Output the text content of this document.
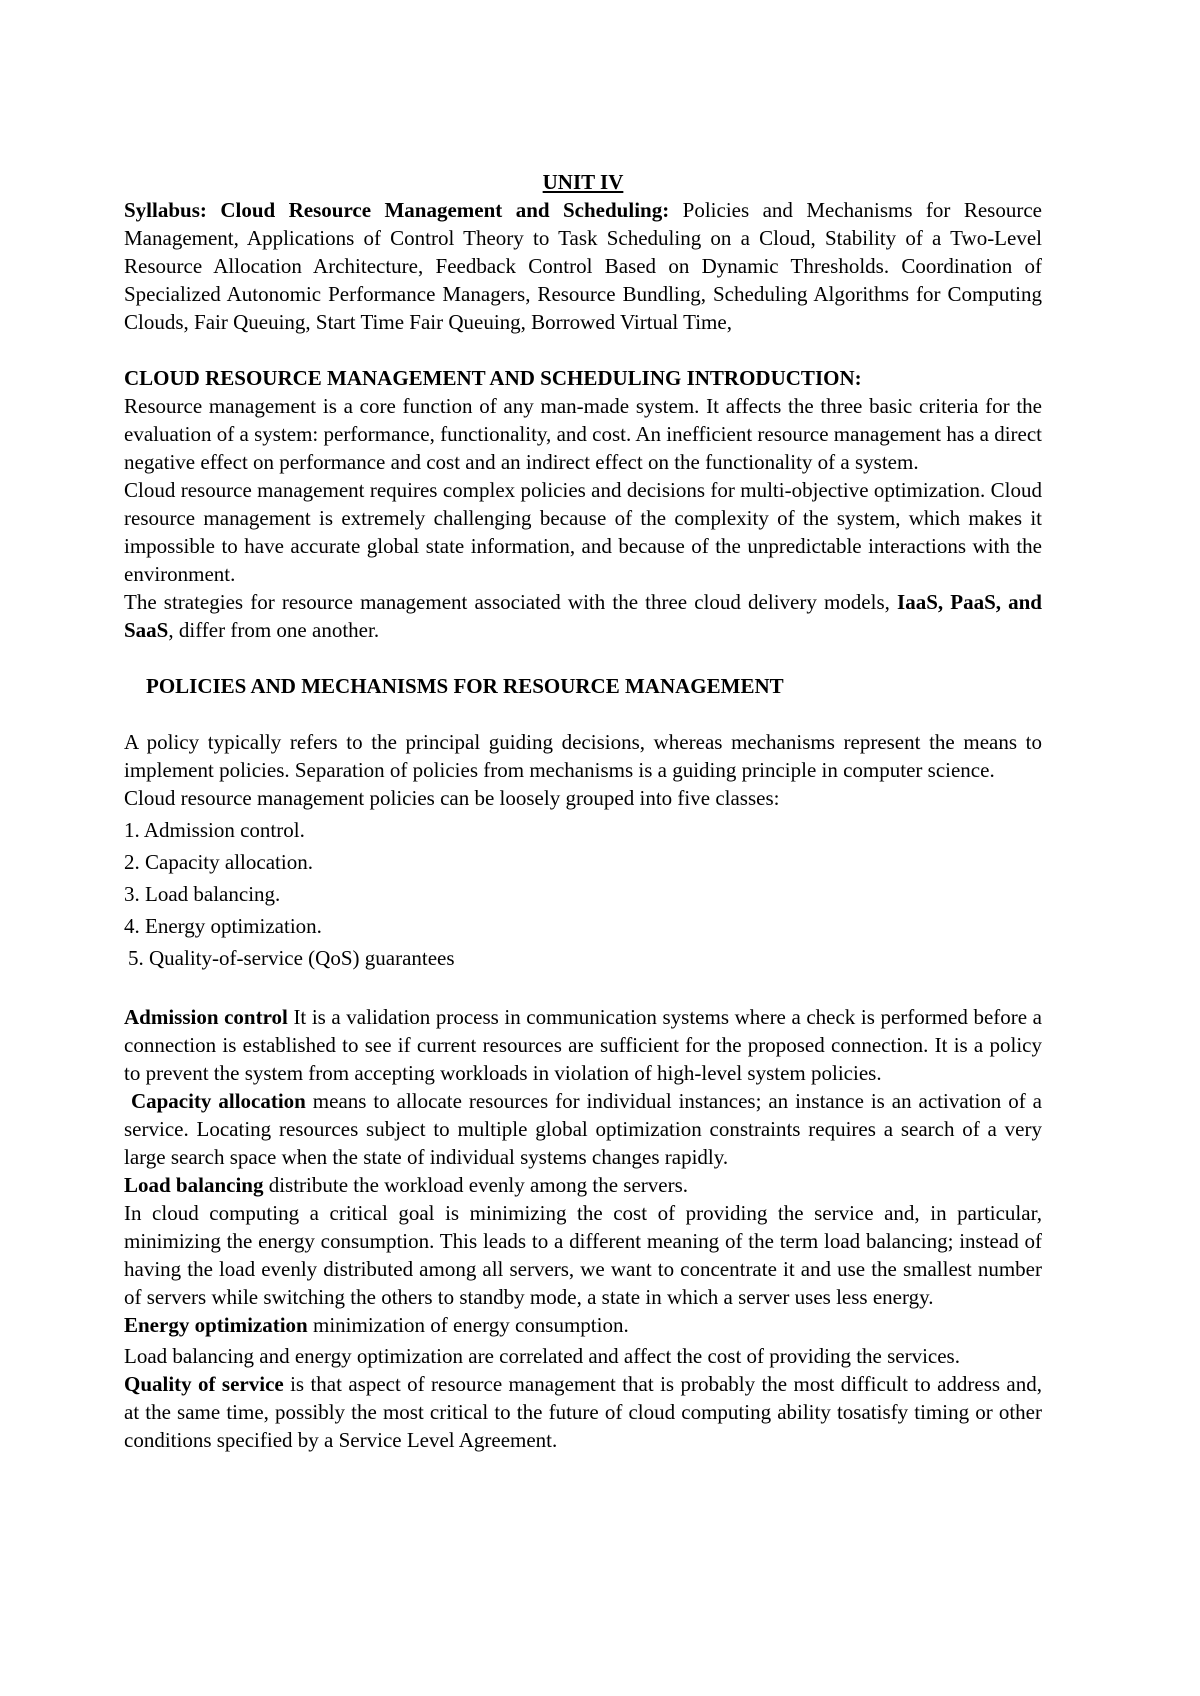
UNIT IV

Syllabus: Cloud Resource Management and Scheduling: Policies and Mechanisms for Resource Management, Applications of Control Theory to Task Scheduling on a Cloud, Stability of a Two-Level Resource Allocation Architecture, Feedback Control Based on Dynamic Thresholds. Coordination of Specialized Autonomic Performance Managers, Resource Bundling, Scheduling Algorithms for Computing Clouds, Fair Queuing, Start Time Fair Queuing, Borrowed Virtual Time,

CLOUD RESOURCE MANAGEMENT AND SCHEDULING INTRODUCTION:

Resource management is a core function of any man-made system. It affects the three basic criteria for the evaluation of a system: performance, functionality, and cost. An inefficient resource management has a direct negative effect on performance and cost and an indirect effect on the functionality of a system.

Cloud resource management requires complex policies and decisions for multi-objective optimization. Cloud resource management is extremely challenging because of the complexity of the system, which makes it impossible to have accurate global state information, and because of the unpredictable interactions with the environment.

The strategies for resource management associated with the three cloud delivery models, IaaS, PaaS, and SaaS, differ from one another.

POLICIES AND MECHANISMS FOR RESOURCE MANAGEMENT

A policy typically refers to the principal guiding decisions, whereas mechanisms represent the means to implement policies. Separation of policies from mechanisms is a guiding principle in computer science.

Cloud resource management policies can be loosely grouped into five classes:

1. Admission control.

2. Capacity allocation.

3. Load balancing.

4. Energy optimization.

5. Quality-of-service (QoS) guarantees

Admission control It is a validation process in communication systems where a check is performed before a connection is established to see if current resources are sufficient for the proposed connection. It is a policy to prevent the system from accepting workloads in violation of high-level system policies.

Capacity allocation means to allocate resources for individual instances; an instance is an activation of a service. Locating resources subject to multiple global optimization constraints requires a search of a very large search space when the state of individual systems changes rapidly.

Load balancing distribute the workload evenly among the servers.

In cloud computing a critical goal is minimizing the cost of providing the service and, in particular, minimizing the energy consumption. This leads to a different meaning of the term load balancing; instead of having the load evenly distributed among all servers, we want to concentrate it and use the smallest number of servers while switching the others to standby mode, a state in which a server uses less energy.

Energy optimization minimization of energy consumption.

Load balancing and energy optimization are correlated and affect the cost of providing the services.

Quality of service is that aspect of resource management that is probably the most difficult to address and, at the same time, possibly the most critical to the future of cloud computing ability tosatisfy timing or other conditions specified by a Service Level Agreement.
